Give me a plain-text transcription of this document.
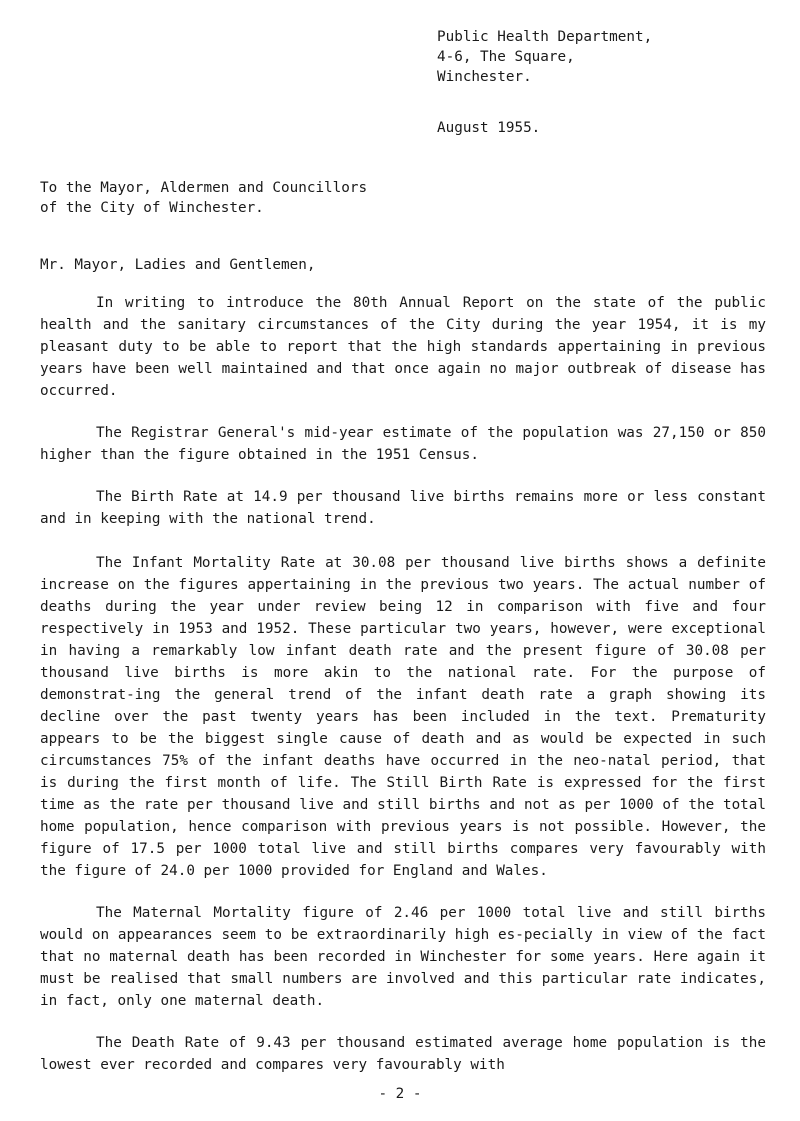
Public Health Department,
4-6, The Square,
Winchester.
August 1955.
To the Mayor, Aldermen and Councillors
of the City of Winchester.
Mr. Mayor, Ladies and Gentlemen,

In writing to introduce the 80th Annual Report on the state of the public health and the sanitary circumstances of the City during the year 1954, it is my pleasant duty to be able to report that the high standards appertaining in previous years have been well maintained and that once again no major outbreak of disease has occurred.

The Registrar General's mid-year estimate of the population was 27,150 or 850 higher than the figure obtained in the 1951 Census.

The Birth Rate at 14.9 per thousand live births remains more or less constant and in keeping with the national trend.

The Infant Mortality Rate at 30.08 per thousand live births shows a definite increase on the figures appertaining in the previous two years. The actual number of deaths during the year under review being 12 in comparison with five and four respectively in 1953 and 1952. These particular two years, however, were exceptional in having a remarkably low infant death rate and the present figure of 30.08 per thousand live births is more akin to the national rate. For the purpose of demonstrat-ing the general trend of the infant death rate a graph showing its decline over the past twenty years has been included in the text. Prematurity appears to be the biggest single cause of death and as would be expected in such circumstances 75% of the infant deaths have occurred in the neo-natal period, that is during the first month of life. The Still Birth Rate is expressed for the first time as the rate per thousand live and still births and not as per 1000 of the total home population, hence comparison with previous years is not possible. However, the figure of 17.5 per 1000 total live and still births compares very favourably with the figure of 24.0 per 1000 provided for England and Wales.

The Maternal Mortality figure of 2.46 per 1000 total live and still births would on appearances seem to be extraordinarily high es-pecially in view of the fact that no maternal death has been recorded in Winchester for some years. Here again it must be realised that small numbers are involved and this particular rate indicates, in fact, only one maternal death.

The Death Rate of 9.43 per thousand estimated average home population is the lowest ever recorded and compares very favourably with

- 2 -
